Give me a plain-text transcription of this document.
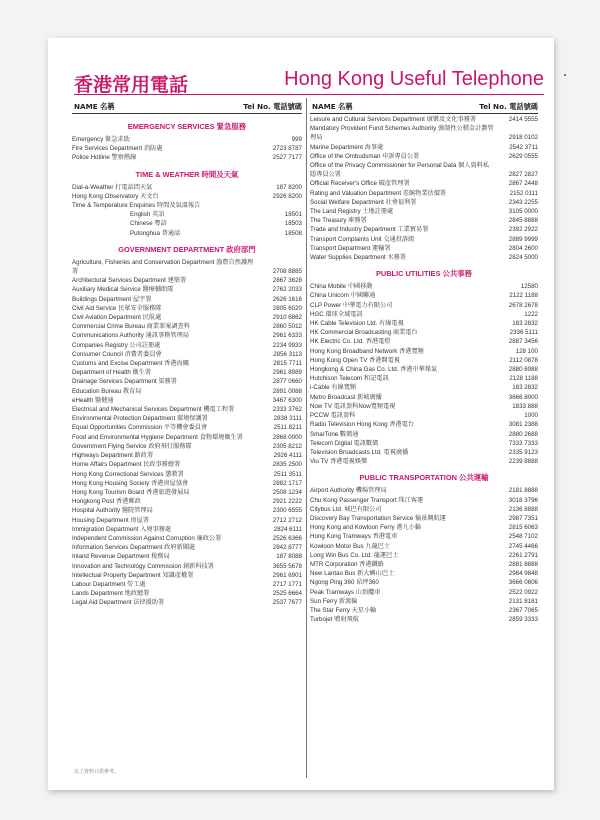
香港常用電話	Hong Kong Useful Telephone
NAME 名稱	Tel No. 電話號碼 NAME 名稱	Tel No. 電話號碼
EMERGENCY SERVICES 緊急服務
Emergency 緊急求助	999
Fire Services Department 消防處	2723 8787
Police Hotline 警察熱線	2527 7177
TIME & WEATHER 時間及天氣
Dial-a-Weather 打電話問天氣	187 8200
Hong Kong Observatory 天文台	2926 8200
Time & Temperature Enquiries 時間及氣溫報告
English 英語	18501
Chinese 粵語	18503
Putonghua 普通話	18508
GOVERNMENT DEPARTMENT 政府部門
Agriculture, Fisheries and Conservation Department 漁農自然護理署	2708 8885
Architectural Services Department 建築署	2867 3628
Auxiliary Medical Service 醫療輔助隊	2762 2033
Buildings Department 屋宇署	2626 1616
Civil Aid Service 民眾安全服務隊	2805 6020
Civil Aviation Department 民航處	2910 6862
Commercial Crime Bureau 商業罪案調查科	2860 5012
Communications Authority 通訊事務管理局	2961 6333
Companies Registry 公司註冊處	2234 9933
Consumer Council 消費者委員會	2856 3113
Customs and Excise Department 香港海關	2815 7711
Department of Health 衞生署	2961 8989
Drainage Services Department 渠務署	2877 0660
Education Bureau 教育局	2891 0088
eHealth 醫健通	3467 6300
Electrical and Mechanical Services Department 機電工程署	2333 3762
Environmental Protection Department 環境保護署	2838 3111
Equal Opportunities Commission 平等機會委員會	2511 8211
Food and Environmental Hygiene Department 食物環境衞生署	2868 0000
Government Flying Service 政府飛行服務隊	2305 8212
Highways Department 路政署	2926 4111
Home Affairs Department 民政事務總署	2835 2500
Hong Kong Correctional Services 懲教署	2511 3511
Hong Kong Housing Society 香港房屋協會	2882 1717
Hong Kong Tourism Board 香港旅遊發展局	2508 1234
Hongkong Post 香港郵政	2921 2222
Hospital Authority 醫院管理局	2300 6555
Housing Department 房屋署	2712 2712
Immigration Department 入境事務處	2824 6111
Independent Commission Against Corruption 廉政公署	2526 6366
Information Services Department 政府新聞處	2842 8777
Inland Revenue Department 稅務局	187 8088
Innovation and Technology Commission 創新科技署	3655 5678
Intellectual Property Department 知識產權署	2961 6901
Labour Department 勞工處	2717 1771
Lands Department 地政總署	2525 6664
Legal Aid Department 法律援助署	2537 7677
Leisure and Cultural Services Department 康樂及文化事務署	2414 5555
Mandatory Provident Fund Schemes Authority 強制性公積金計劃管理局	2918 0102
Marine Department 海事處	2542 3711
Office of the Ombudsman 申訴專員公署	2629 0555
Office of the Privacy Commissioner for Personal Data 個人資料私隱專員公署	2827 2827
Official Receiver's Office 破產管理署	2867 2448
Rating and Valuation Department 差餉物業估價署	2152 0111
Social Welfare Department 社會福利署	2343 2255
The Land Registry 土地註冊處	3105 0000
The Treasury 庫務署	2845 8888
Trade and Industry Department 工業貿易署	2392 2922
Transport Complaints Unit 交通投訴組	2889 9999
Transport Department 運輸署	2804 2600
Water Supplies Department 水務署	2824 5000
PUBLIC UTILITIES 公共事務
China Mobile 中國移動	12580
China Unicom 中國聯通	2122 1188
CLP Power 中華電力有限公司	2678 2678
HGC 環球全域電訊	1222
HK Cable Television Ltd. 有線電視	183 2832
HK Commercial Broadcasting 商業電台	2336 5111
HK Electric Co. Ltd. 香港電燈	2887 3456
Hong Kong Broadband Network 香港寬頻	128 100
Hong Kong Open TV 香港開電視	2112 0878
Hongkong & China Gas Co. Ltd. 香港中華煤氣	2880 6988
Hutchison Telecom 和記電訊	2128 1188
i-Cable 有線寬頻	183 2832
Metro Broadcast 新城廣播	3666 8000
Now TV 電訊盈科Now寬頻電視	1833 888
PCCW 電訊盈科	1000
Radio Television Hong Kong 香港電台	3081 2388
SmarTone 數碼通	2880 2688
Telecom Digital 電訊數碼	7333 7333
Television Broadcasts Ltd. 電視廣播	2335 9123
Viu TV 香港電視娛樂	2239 8888
PUBLIC TRANSPORTATION 公共運輸
Airport Authority 機場管理局	2181 8888
Chu Kong Passenger Transport 珠江客運	3018 3796
Citybus Ltd. 城巴有限公司	2136 8888
Discovery Bay Transportation Service 愉景灣航運	2987 7351
Hong Kong and Kowloon Ferry 港九小輪	2815 6063
Hong Kong Tramways 香港電車	2548 7102
Kowloon Motor Bus 九龍巴士	2745 4466
Long Win Bus Co. Ltd. 龍運巴士	2261 2791
MTR Corporation 香港鐵路	2881 8888
New Lantao Bus 新大嶼山巴士	2984 9848
Ngong Ping 360 昂坪360	3666 0606
Peak Tramways 山頂纜車	2522 0922
Sun Ferry 新渡輪	2131 8181
The Star Ferry 天星小輪	2367 7065
Turbojet 噴射飛航	2859 3333
以上資料只供參考。
